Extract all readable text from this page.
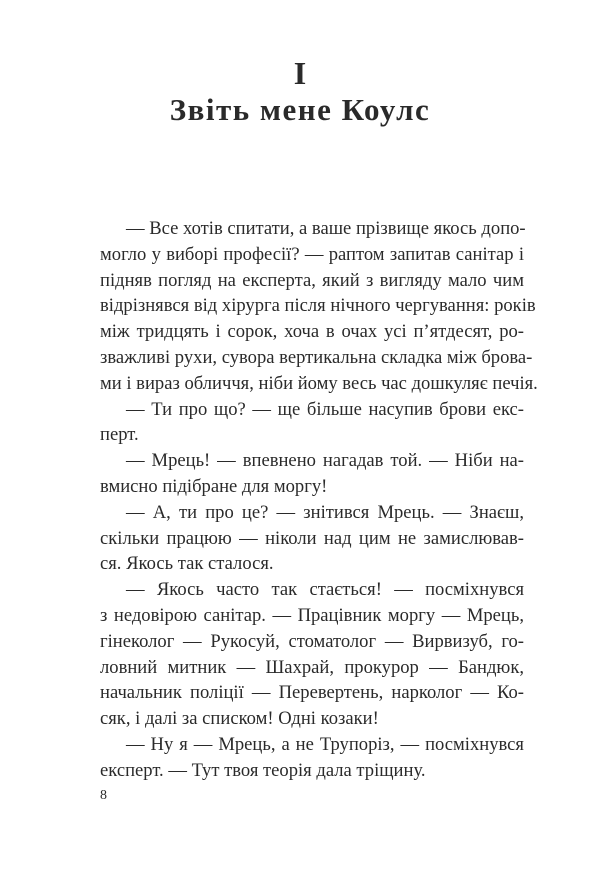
I
Звіть мене Коулс
— Все хотів спитати, а ваше прізвище якось допо-
могло у виборі професії? — раптом запитав санітар і
підняв погляд на експерта, який з вигляду мало чим
відрізнявся від хірурга після нічного чергування: років
між тридцять і сорок, хоча в очах усі п’ятдесят, ро-
зважливі рухи, сувора вертикальна складка між брова-
ми і вираз обличчя, ніби йому весь час дошкуляє печія.
— Ти про що? — ще більше насупив брови екс-
перт.
— Мрець! — впевнено нагадав той. — Ніби на-
вмисно підібране для моргу!
— А, ти про це? — знітився Мрець. — Знаєш,
скільки працюю — ніколи над цим не замислював-
ся. Якось так сталося.
— Якось часто так стається! — посміхнувся
з недовірою санітар. — Працівник моргу — Мрець,
гінеколог — Рукосуй, стоматолог — Вирвизуб, го-
ловний митник — Шахрай, прокурор — Бандюк,
начальник поліції — Перевертень, нарколог — Ко-
сяк, і далі за списком! Одні козаки!
— Ну я — Мрець, а не Трупоріз, — посміхнувся
експерт. — Тут твоя теорія дала тріщину.
8
